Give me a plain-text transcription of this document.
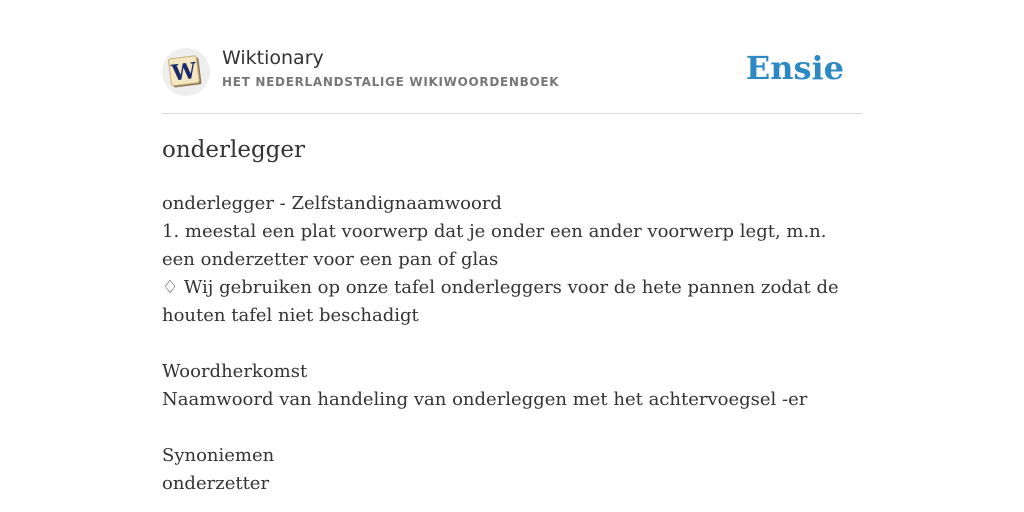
W Wiktionary
HET NEDERLANDSTALIGE WIKIWOORDENBOEK	Ensie
onderlegger
onderlegger - Zelfstandignaamwoord
1. meestal een plat voorwerp dat je onder een ander voorwerp legt, m.n. een onderzetter voor een pan of glas
♢ Wij gebruiken op onze tafel onderleggers voor de hete pannen zodat de houten tafel niet beschadigt
Woordherkomst
Naamwoord van handeling van onderleggen met het achtervoegsel -er
Synoniemen
onderzetter
